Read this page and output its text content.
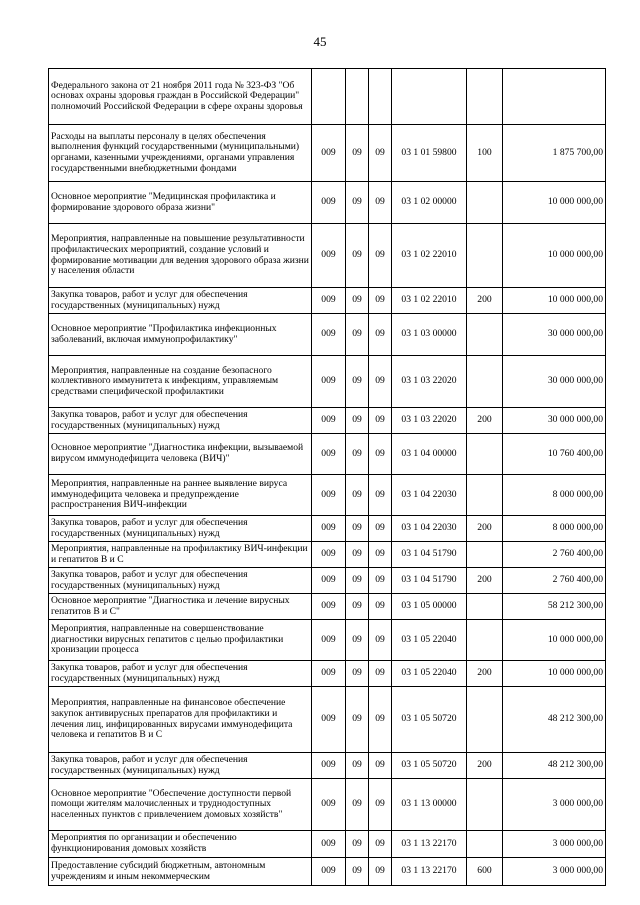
45
Федерального закона от 21 ноября 2011 года № 323-ФЗ "Об основах охраны здоровья граждан в Российской Федерации" полномочий Российской Федерации в сфере охраны здоровья						
Расходы на выплаты персоналу в целях обеспечения выполнения функций государственными (муниципальными) органами, казенными учреждениями, органами управления государственными внебюджетными фондами	009	09	09	03 1 01 59800	100	1 875 700,00
Основное мероприятие "Медицинская профилактика и формирование здорового образа жизни"	009	09	09	03 1 02 00000		10 000 000,00
Мероприятия, направленные на повышение результативности профилактических мероприятий, создание условий и формирование мотивации для ведения здорового образа жизни у населения области	009	09	09	03 1 02 22010		10 000 000,00
Закупка товаров, работ и услуг для обеспечения государственных (муниципальных) нужд	009	09	09	03 1 02 22010	200	10 000 000,00
Основное мероприятие "Профилактика инфекционных заболеваний, включая иммунопрофилактику"	009	09	09	03 1 03 00000		30 000 000,00
Мероприятия, направленные на создание безопасного коллективного иммунитета к инфекциям, управляемым средствами специфической профилактики	009	09	09	03 1 03 22020		30 000 000,00
Закупка товаров, работ и услуг для обеспечения государственных (муниципальных) нужд	009	09	09	03 1 03 22020	200	30 000 000,00
Основное мероприятие "Диагностика инфекции, вызываемой вирусом иммунодефицита человека (ВИЧ)"	009	09	09	03 1 04 00000		10 760 400,00
Мероприятия, направленные на раннее выявление вируса иммунодефицита человека и предупреждение распространения ВИЧ-инфекции	009	09	09	03 1 04 22030		8 000 000,00
Закупка товаров, работ и услуг для обеспечения государственных (муниципальных) нужд	009	09	09	03 1 04 22030	200	8 000 000,00
Мероприятия, направленные на профилактику ВИЧ-инфекции и гепатитов B и C	009	09	09	03 1 04 51790		2 760 400,00
Закупка товаров, работ и услуг для обеспечения государственных (муниципальных) нужд	009	09	09	03 1 04 51790	200	2 760 400,00
Основное мероприятие "Диагностика и лечение вирусных гепатитов B и C"	009	09	09	03 1 05 00000		58 212 300,00
Мероприятия, направленные на совершенствование диагностики вирусных гепатитов с целью профилактики хронизации процесса	009	09	09	03 1 05 22040		10 000 000,00
Закупка товаров, работ и услуг для обеспечения государственных (муниципальных) нужд	009	09	09	03 1 05 22040	200	10 000 000,00
Мероприятия, направленные на финансовое обеспечение закупок антивирусных препаратов для профилактики и лечения лиц, инфицированных вирусами иммунодефицита человека и гепатитов B и C	009	09	09	03 1 05 50720		48 212 300,00
Закупка товаров, работ и услуг для обеспечения государственных (муниципальных) нужд	009	09	09	03 1 05 50720	200	48 212 300,00
Основное мероприятие "Обеспечение доступности первой помощи жителям малочисленных и труднодоступных населенных пунктов с привлечением домовых хозяйств"	009	09	09	03 1 13 00000		3 000 000,00
Мероприятия по организации и обеспечению функционирования домовых хозяйств	009	09	09	03 1 13 22170		3 000 000,00
Предоставление субсидий бюджетным, автономным учреждениям и иным некоммерческим	009	09	09	03 1 13 22170	600	3 000 000,00
